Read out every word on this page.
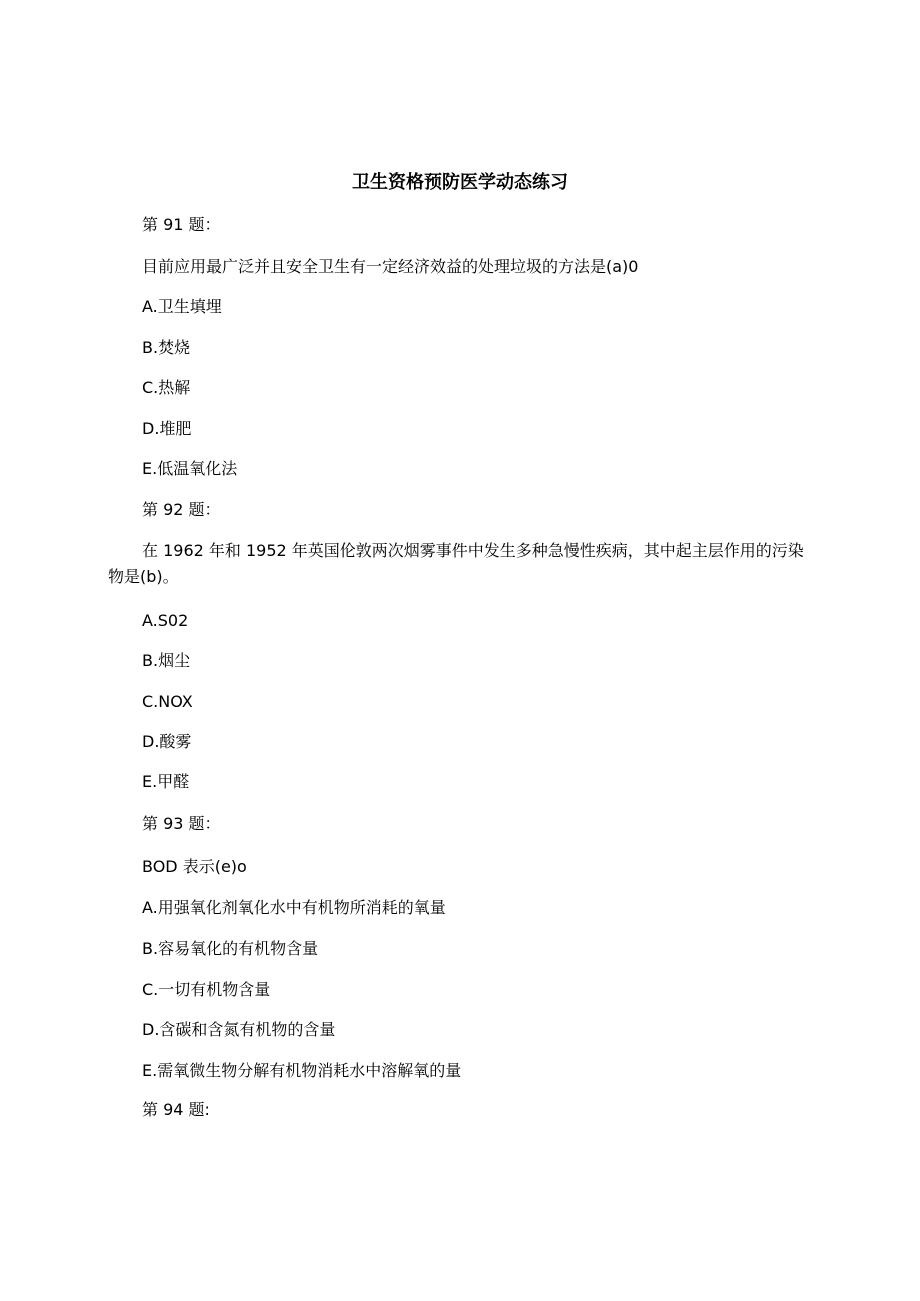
卫生资格预防医学动态练习
第 91 题：
目前应用最广泛并且安全卫生有一定经济效益的处理垃圾的方法是(a)0
A.卫生填埋
B.焚烧
C.热解
D.堆肥
E.低温氧化法
第 92 题：
在 1962 年和 1952 年英国伦敦两次烟雾事件中发生多种急慢性疾病，其中起主层作用的污染物是(b)。
A.S02
B.烟尘
C.NOX
D.酸雾
E.甲醛
第 93 题：
BOD 表示(e)o
A.用强氧化剂氧化水中有机物所消耗的氧量
B.容易氧化的有机物含量
C.一切有机物含量
D.含碳和含氮有机物的含量
E.需氧微生物分解有机物消耗水中溶解氧的量
第 94 题:
